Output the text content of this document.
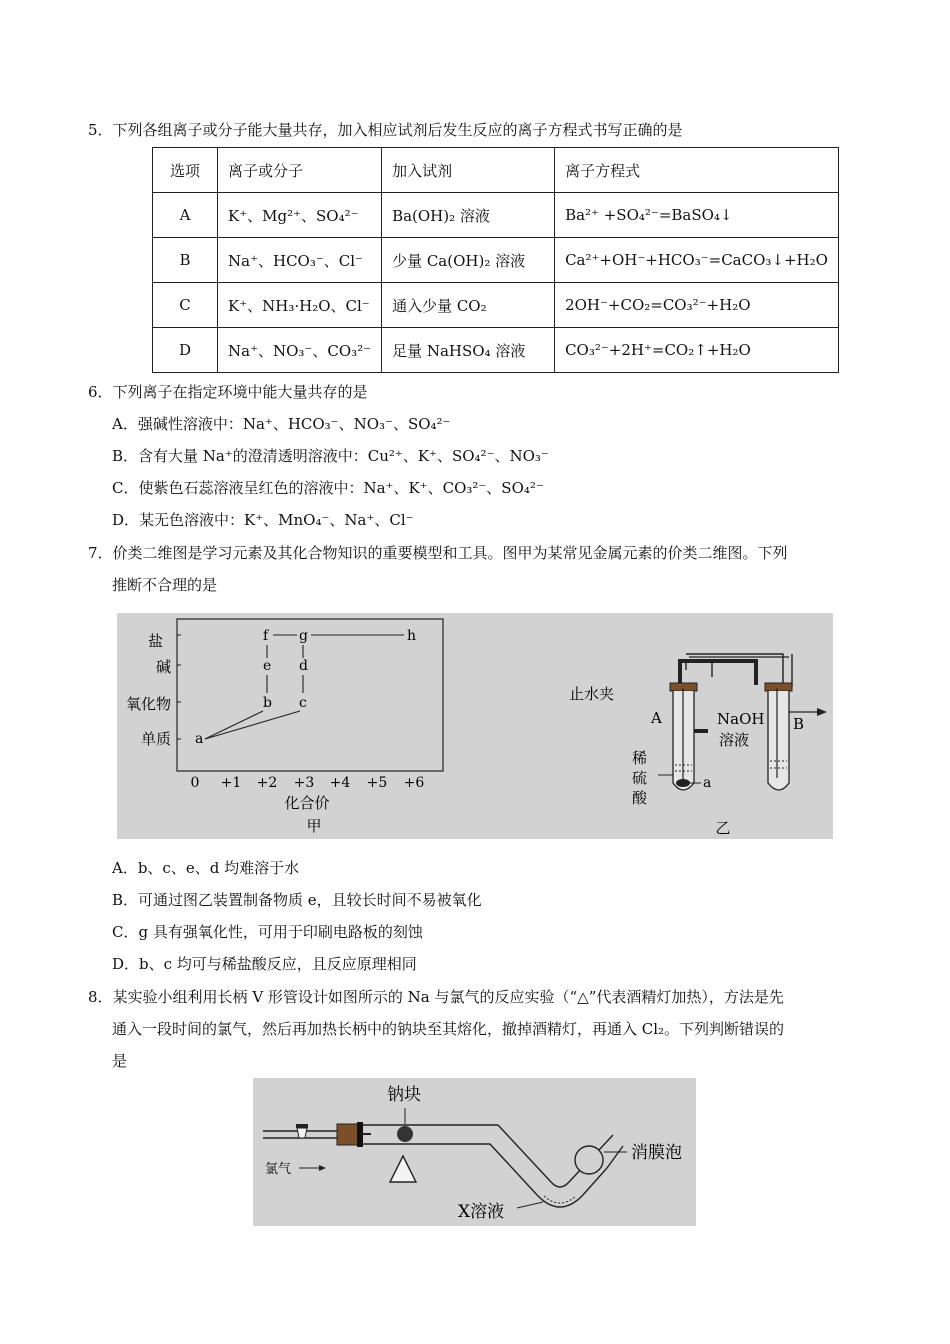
5．下列各组离子或分子能大量共存，加入相应试剂后发生反应的离子方程式书写正确的是
选项	离子或分子	加入试剂	离子方程式
A	K⁺、Mg²⁺、SO₄²⁻	Ba(OH)₂ 溶液	Ba²⁺ +SO₄²⁻=BaSO₄↓
B	Na⁺、HCO₃⁻、Cl⁻	少量 Ca(OH)₂ 溶液	Ca²⁺+OH⁻+HCO₃⁻=CaCO₃↓+H₂O
C	K⁺、NH₃·H₂O、Cl⁻	通入少量 CO₂	2OH⁻+CO₂=CO₃²⁻+H₂O
D	Na⁺、NO₃⁻、CO₃²⁻	足量 NaHSO₄ 溶液	CO₃²⁻+2H⁺=CO₂↑+H₂O
6．下列离子在指定环境中能大量共存的是
A．强碱性溶液中：Na⁺、HCO₃⁻、NO₃⁻、SO₄²⁻
B．含有大量 Na⁺的澄清透明溶液中：Cu²⁺、K⁺、SO₄²⁻、NO₃⁻
C．使紫色石蕊溶液呈红色的溶液中：Na⁺、K⁺、CO₃²⁻、SO₄²⁻
D．某无色溶液中：K⁺、MnO₄⁻、Na⁺、Cl⁻
7．价类二维图是学习元素及其化合物知识的重要模型和工具。图甲为某常见金属元素的价类二维图。下列
推断不合理的是
盐
碱
氧化物
单质
0 +1 +2 +3 +4 +5 +6
化合价
甲
a
b c
d
e
f g	h
止水夹
A	B
稀
硫
酸
a
NaOH
溶液
乙
A．b、c、e、d 均难溶于水
B．可通过图乙装置制备物质 e，且较长时间不易被氧化
C．g 具有强氧化性，可用于印刷电路板的刻蚀
D．b、c 均可与稀盐酸反应，且反应原理相同
8．某实验小组利用长柄 V 形管设计如图所示的 Na 与氯气的反应实验（“△”代表酒精灯加热），方法是先
通入一段时间的氯气，然后再加热长柄中的钠块至其熔化，撤掉酒精灯，再通入 Cl₂。下列判断错误的
是
钠块
氯气
消膜泡
X溶液
